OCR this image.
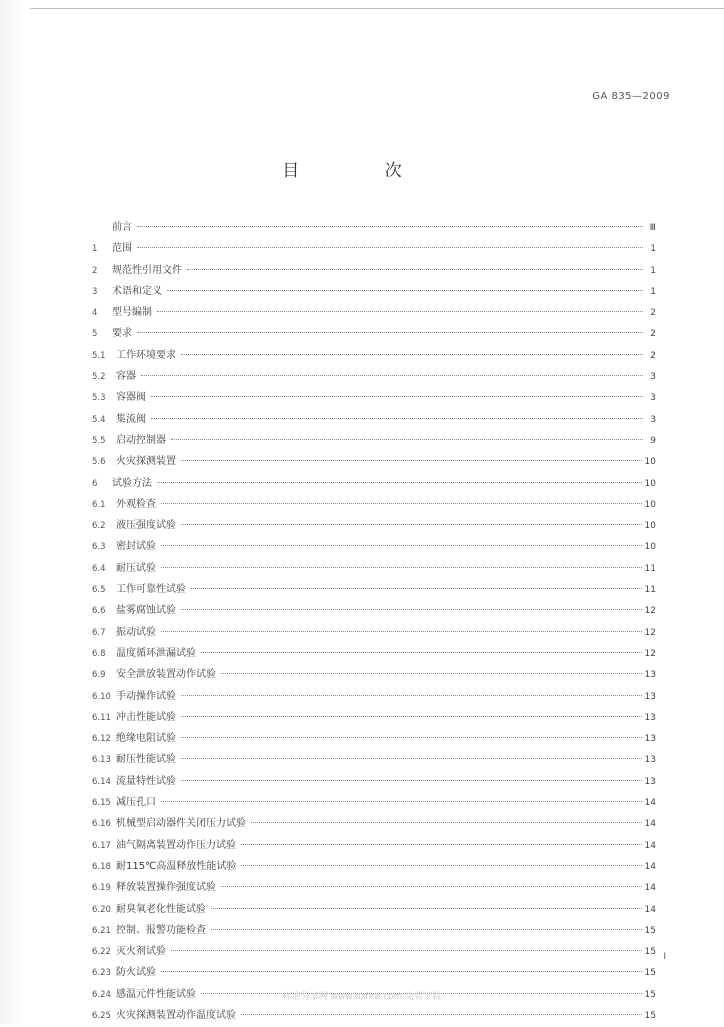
GA 835—2009
目 次
前言	Ⅲ
1	范围	1
2	规范性引用文件	1
3	术语和定义	1
4	型号编制	2
5	要求	2
5.1	工作环境要求	2
5.2	容器	3
5.3	容器阀	3
5.4	集流阀	3
5.5	启动控制器	9
5.6	火灾探测装置	10
6	试验方法	10
6.1	外观检查	10
6.2	液压强度试验	10
6.3	密封试验	10
6.4	耐压试验	11
6.5	工作可靠性试验	11
6.6	盐雾腐蚀试验	12
6.7	振动试验	12
6.8	温度循环泄漏试验	12
6.9	安全泄放装置动作试验	13
6.10 手动操作试验	13
6.11 冲击性能试验	13
6.12 绝缘电阻试验	13
6.13 耐压性能试验	13
6.14 流量特性试验	13
6.15 减压孔口	14
6.16 机械型启动器件关闭压力试验	14
6.17 油气隔离装置动作压力试验	14
6.18 耐115℃高温释放性能试验	14
6.19 释放装置操作强度试验	14
6.20 耐臭氧老化性能试验	14
6.21 控制、报警功能检查	15
6.22 灭火剂试验	15
6.23 防火试验	15
6.24 感温元件性能试验	15
6.25 火灾探测装置动作温度试验	15
I
标准分享网 www.bzfxw.com 免费下载
